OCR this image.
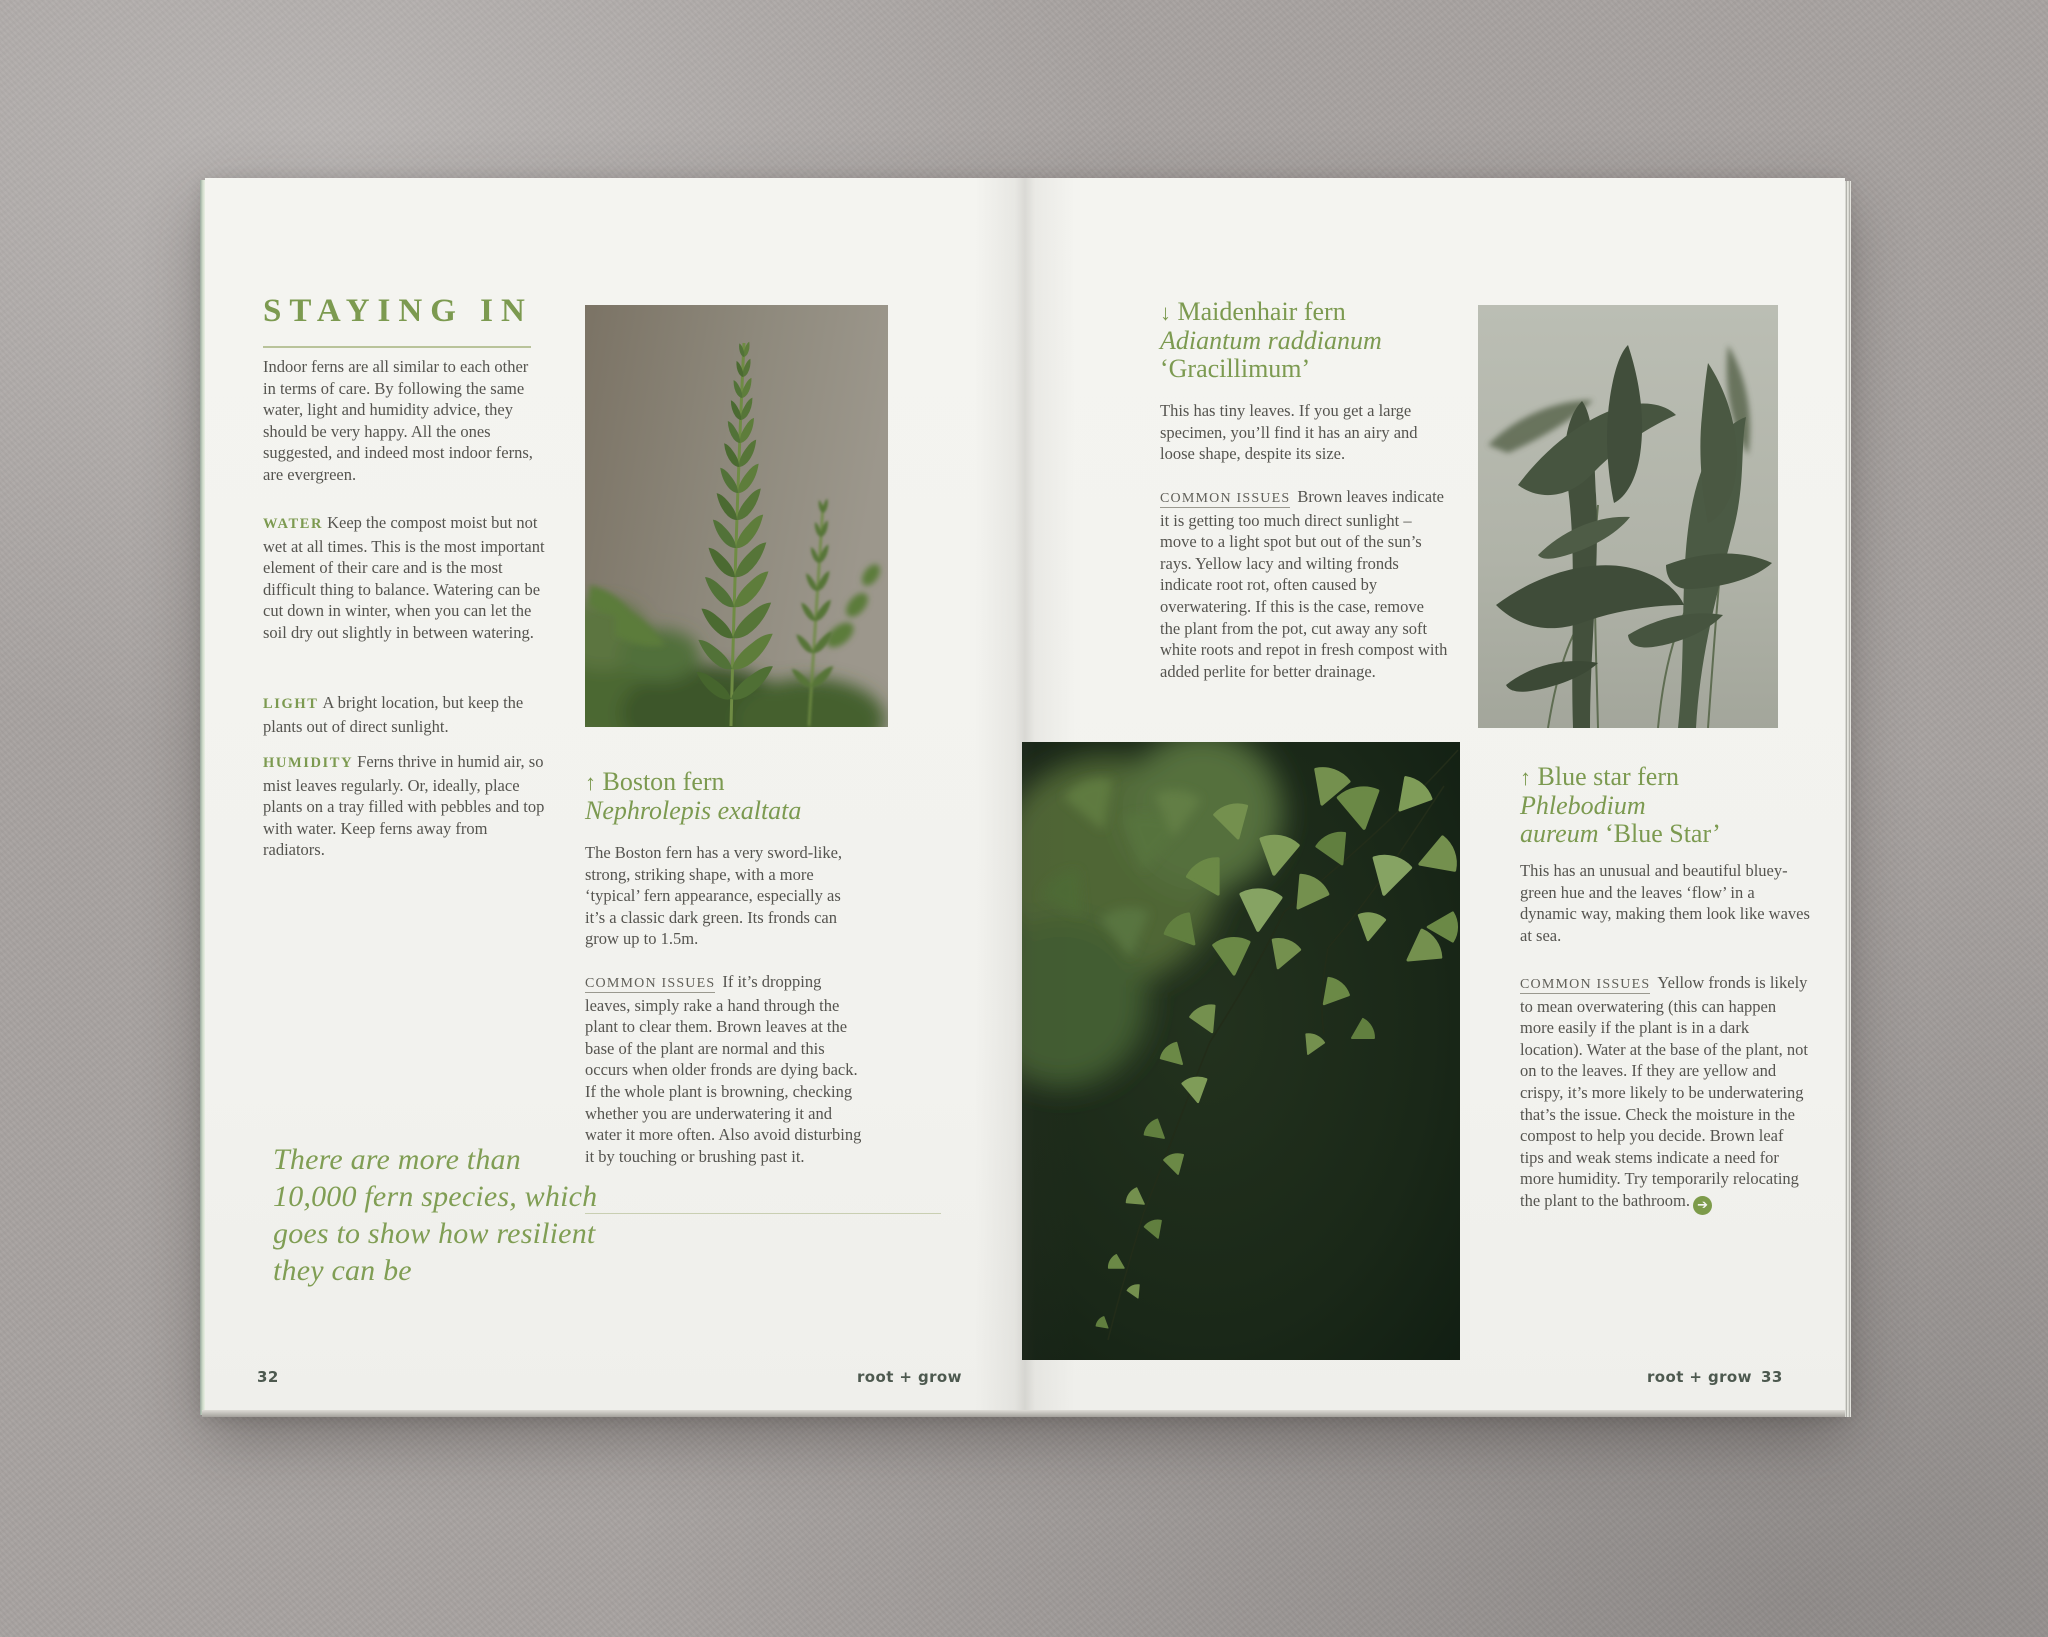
STAYING IN

Indoor ferns are all similar to each other in terms of care. By following the same water, light and humidity advice, they should be very happy. All the ones suggested, and indeed most indoor ferns, are evergreen.

WATER Keep the compost moist but not wet at all times. This is the most important element of their care and is the most difficult thing to balance. Watering can be cut down in winter, when you can let the soil dry out slightly in between watering.

LIGHT A bright location, but keep the plants out of direct sunlight.

HUMIDITY Ferns thrive in humid air, so mist leaves regularly. Or, ideally, place plants on a tray filled with pebbles and top with water. Keep ferns away from radiators.

There are more than 10,000 fern species, which goes to show how resilient they can be
↑ Boston fern
Nephrolepis exaltata

The Boston fern has a very sword-like, strong, striking shape, with a more ‘typical’ fern appearance, especially as it’s a classic dark green. Its fronds can grow up to 1.5m.

COMMON ISSUES If it’s dropping leaves, simply rake a hand through the plant to clear them. Brown leaves at the base of the plant are normal and this occurs when older fronds are dying back. If the whole plant is browning, checking whether you are underwatering it and water it more often. Also avoid disturbing it by touching or brushing past it.

32	root + grow
↓ Maidenhair fern
Adiantum raddianum
‘Gracillimum’

This has tiny leaves. If you get a large specimen, you’ll find it has an airy and loose shape, despite its size.

COMMON ISSUES Brown leaves indicate it is getting too much direct sunlight – move to a light spot but out of the sun’s rays. Yellow lacy and wilting fronds indicate root rot, often caused by overwatering. If this is the case, remove the plant from the pot, cut away any soft white roots and repot in fresh compost with added perlite for better drainage.

↑ Blue star fern
Phlebodium
aureum ‘Blue Star’

This has an unusual and beautiful bluey-green hue and the leaves ‘flow’ in a dynamic way, making them look like waves at sea.

COMMON ISSUES Yellow fronds is likely to mean overwatering (this can happen more easily if the plant is in a dark location). Water at the base of the plant, not on to the leaves. If they are yellow and crispy, it’s more likely to be underwatering that’s the issue. Check the moisture in the compost to help you decide. Brown leaf tips and weak stems indicate a need for more humidity. Try temporarily relocating the plant to the bathroom. ➔

root + grow 33
